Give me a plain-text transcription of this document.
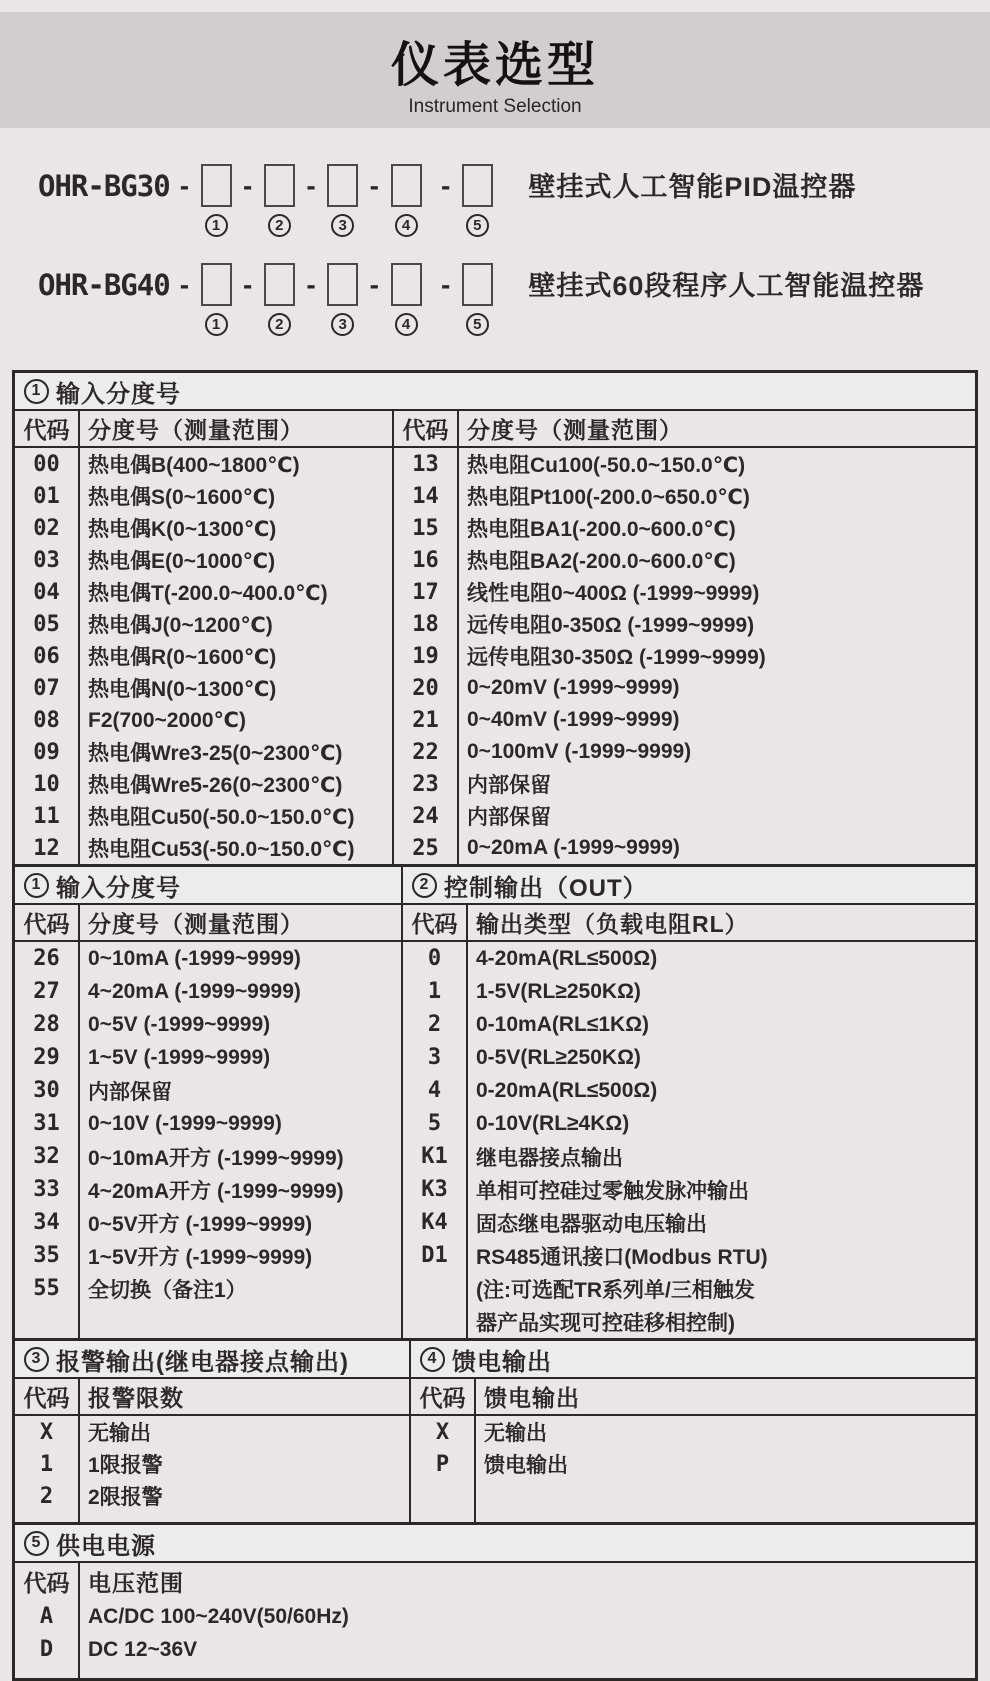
仪表选型
Instrument Selection
OHR-BG30 -
1
-
2
-
3
-
4
-
5
壁挂式人工智能PID温控器
OHR-BG40 -
1
-
2
-
3
-
4
-
5
壁挂式60段程序人工智能温控器
1 输入分度号
代码 分度号（测量范围）
00	热电偶B(400~1800℃)
01	热电偶S(0~1600℃)
02	热电偶K(0~1300℃)
03	热电偶E(0~1000℃)
04	热电偶T(-200.0~400.0℃)
05	热电偶J(0~1200℃)
06	热电偶R(0~1600℃)
07	热电偶N(0~1300℃)
08	F2(700~2000℃)
09	热电偶Wre3-25(0~2300℃)
10	热电偶Wre5-26(0~2300℃)
11	热电阻Cu50(-50.0~150.0℃)
12	热电阻Cu53(-50.0~150.0℃)
代码 分度号（测量范围）
13	热电阻Cu100(-50.0~150.0℃)
14	热电阻Pt100(-200.0~650.0℃)
15	热电阻BA1(-200.0~600.0℃)
16	热电阻BA2(-200.0~600.0℃)
17	线性电阻0~400Ω (-1999~9999)
18	远传电阻0-350Ω (-1999~9999)
19	远传电阻30-350Ω (-1999~9999)
20	0~20mV (-1999~9999)
21	0~40mV (-1999~9999)
22	0~100mV (-1999~9999)
23	内部保留
24	内部保留
25	0~20mA (-1999~9999)
1 输入分度号
代码 分度号（测量范围）
26	0~10mA (-1999~9999)
27	4~20mA (-1999~9999)
28	0~5V (-1999~9999)
29	1~5V (-1999~9999)
30	内部保留
31	0~10V (-1999~9999)
32	0~10mA开方 (-1999~9999)
33	4~20mA开方 (-1999~9999)
34	0~5V开方 (-1999~9999)
35	1~5V开方 (-1999~9999)
55	全切换（备注1）
2 控制输出（OUT）
代码 输出类型（负载电阻RL）
0	4-20mA(RL≤500Ω)
1	1-5V(RL≥250KΩ)
2	0-10mA(RL≤1KΩ)
3	0-5V(RL≥250KΩ)
4	0-20mA(RL≤500Ω)
5	0-10V(RL≥4KΩ)
K1	继电器接点输出
K3	单相可控硅过零触发脉冲输出
K4	固态继电器驱动电压输出
D1	RS485通讯接口(Modbus RTU)
(注:可选配TR系列单/三相触发
器产品实现可控硅移相控制)
3 报警输出(继电器接点输出)
代码 报警限数
X	无输出
1	1限报警
2	2限报警
4 馈电输出
代码 馈电输出
X	无输出
P	馈电输出
5 供电电源
代码 电压范围
A	AC/DC 100~240V(50/60Hz)
D	DC 12~36V
